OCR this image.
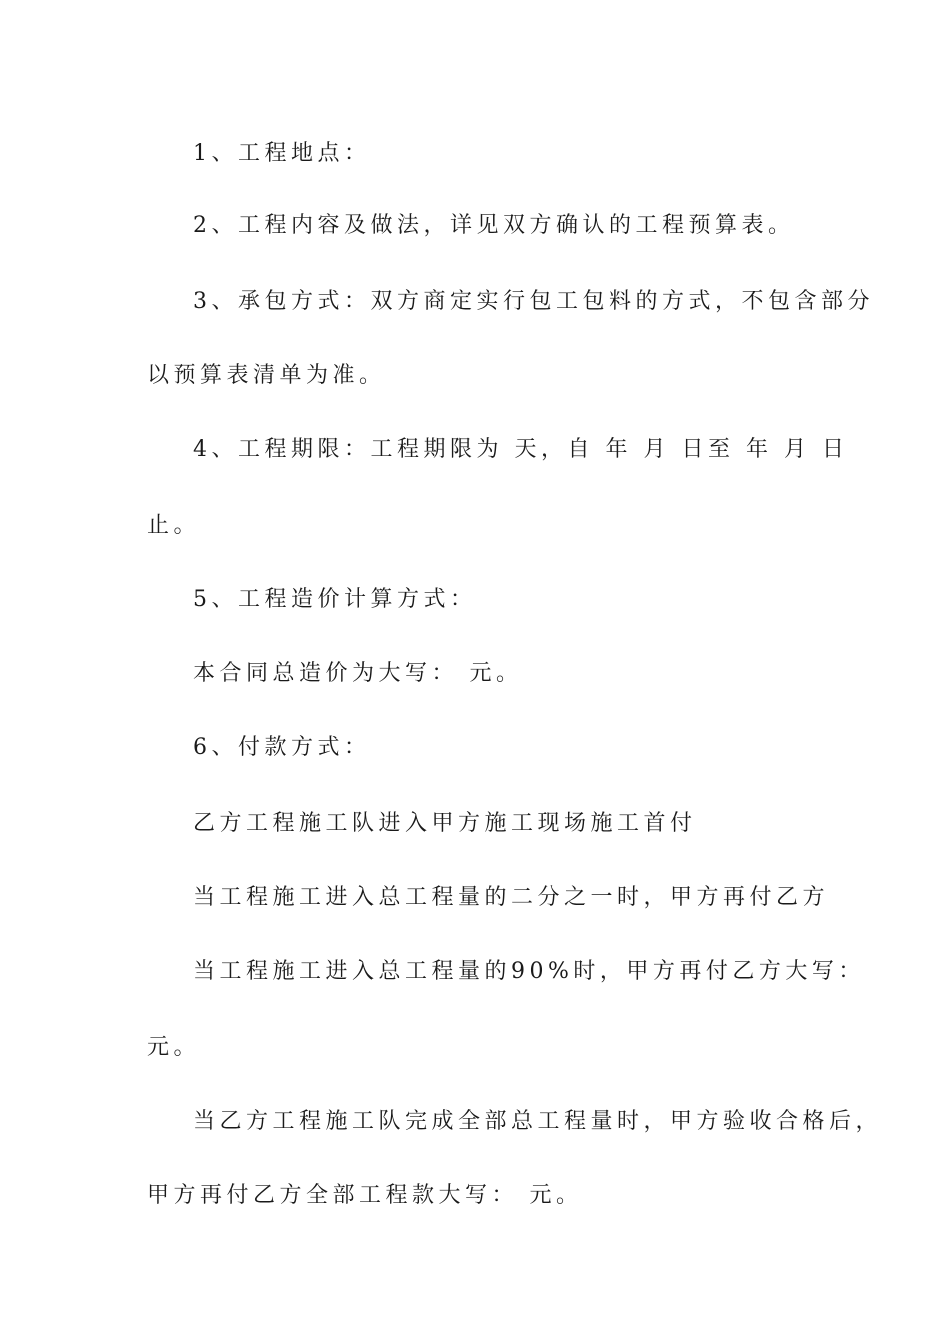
1、工程地点：
2、工程内容及做法，详见双方确认的工程预算表。
3、承包方式：双方商定实行包工包料的方式，不包含部分
以预算表清单为准。
4、工程期限：工程期限为 天，自 年 月 日至 年 月 日
止。
5、工程造价计算方式：
本合同总造价为大写： 元。
6、付款方式：
乙方工程施工队进入甲方施工现场施工首付
当工程施工进入总工程量的二分之一时，甲方再付乙方
当工程施工进入总工程量的90%时，甲方再付乙方大写：
元。
当乙方工程施工队完成全部总工程量时，甲方验收合格后，
甲方再付乙方全部工程款大写： 元。
